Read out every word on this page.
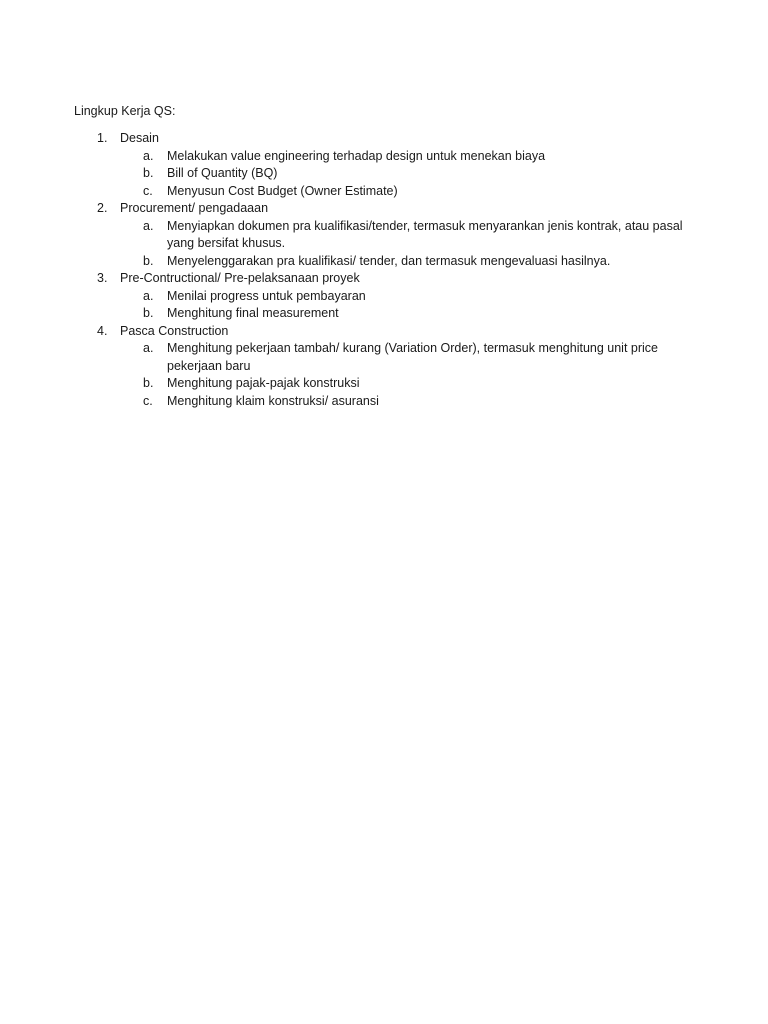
Lingkup Kerja QS:
1. Desain
a. Melakukan value engineering terhadap design untuk menekan biaya
b. Bill of Quantity (BQ)
c. Menyusun Cost Budget (Owner Estimate)
2. Procurement/ pengadaaan
a. Menyiapkan dokumen pra kualifikasi/tender, termasuk menyarankan jenis kontrak, atau pasal yang bersifat khusus.
b. Menyelenggarakan pra kualifikasi/ tender, dan termasuk mengevaluasi hasilnya.
3. Pre-Contructional/ Pre-pelaksanaan proyek
a. Menilai progress untuk pembayaran
b. Menghitung final measurement
4. Pasca Construction
a. Menghitung pekerjaan tambah/ kurang (Variation Order), termasuk menghitung unit price pekerjaan baru
b. Menghitung pajak-pajak konstruksi
c. Menghitung klaim konstruksi/ asuransi
